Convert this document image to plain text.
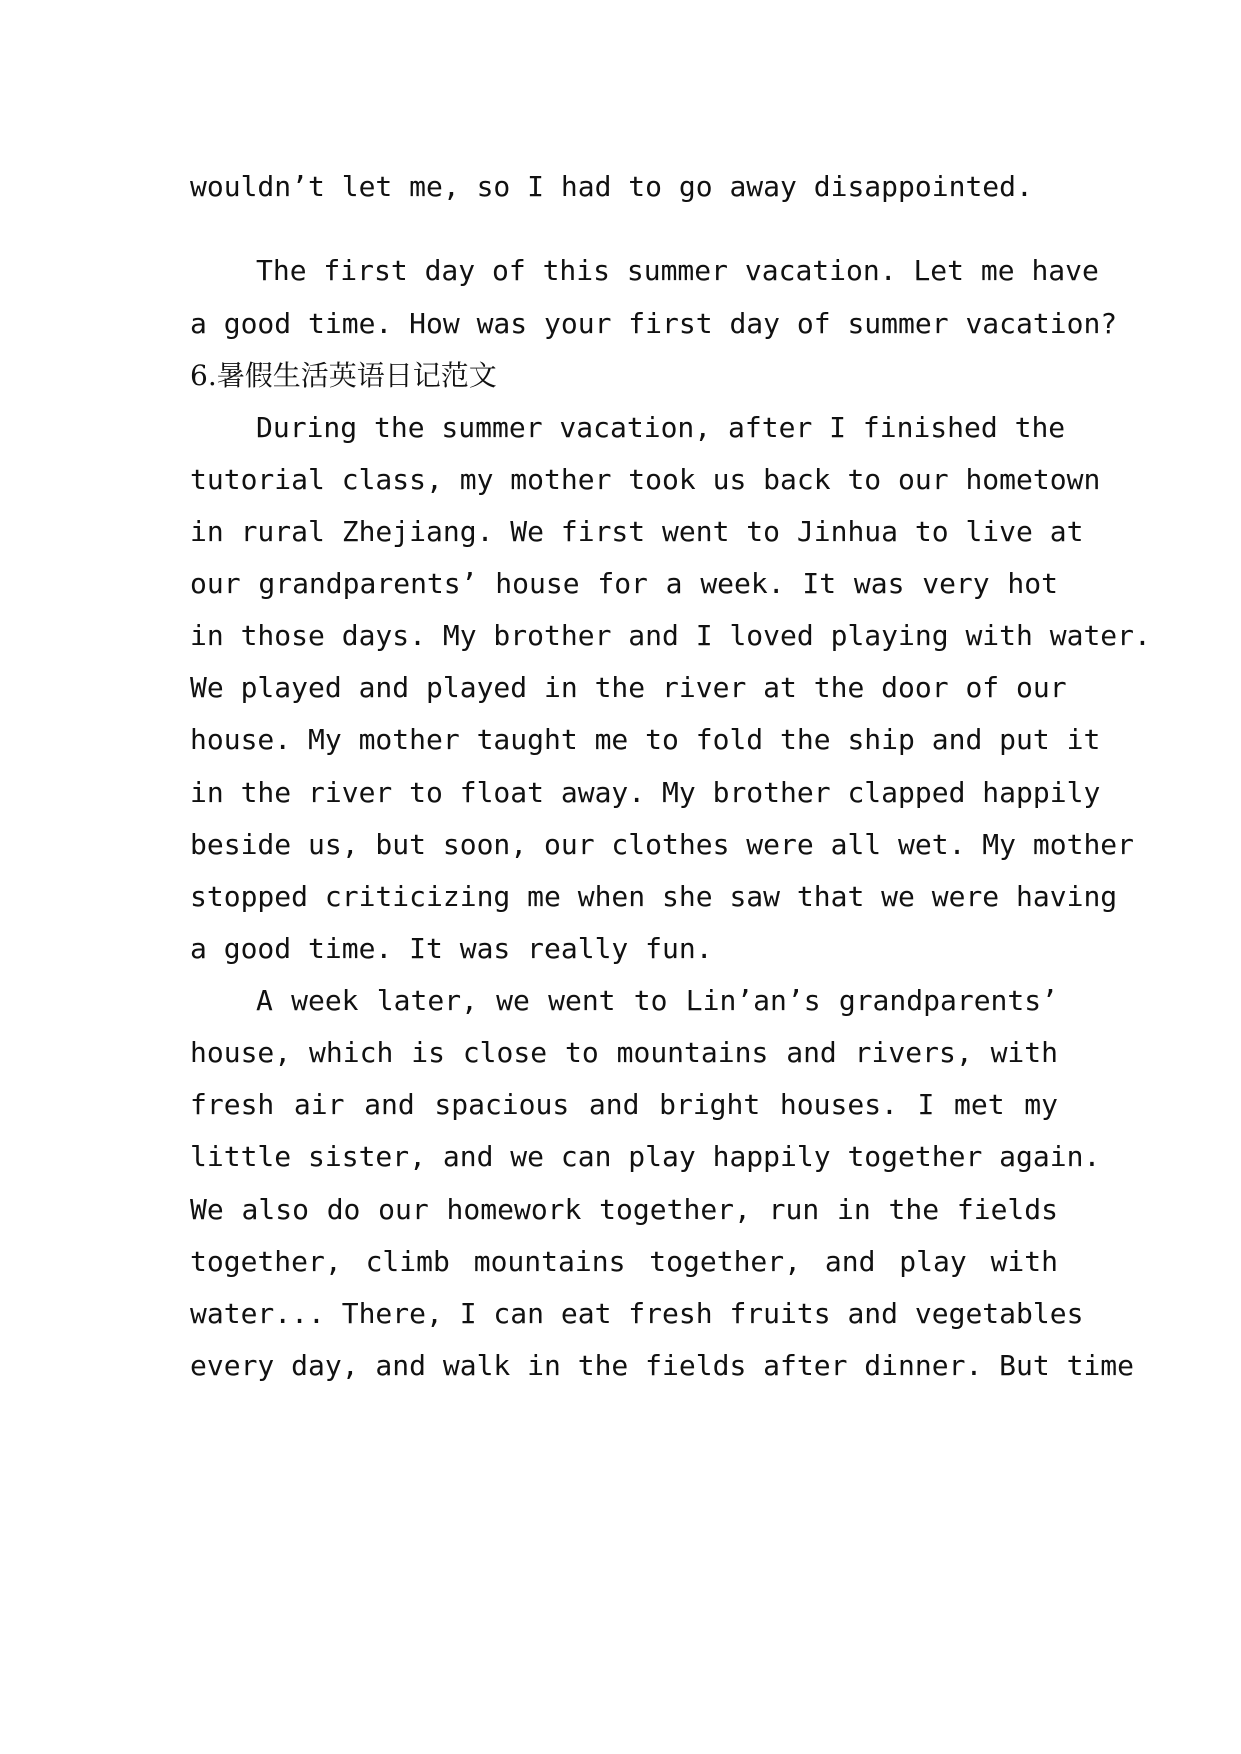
wouldn’t let me, so I had to go away disappointed.
The first day of this summer vacation. Let me have
a good time. How was your first day of summer vacation?
6.暑假生活英语日记范文
During the summer vacation, after I finished the
tutorial class, my mother took us back to our hometown
in rural Zhejiang. We first went to Jinhua to live at
our grandparents’ house for a week. It was very hot
in those days. My brother and I loved playing with water.
We played and played in the river at the door of our
house. My mother taught me to fold the ship and put it
in the river to float away. My brother clapped happily
beside us, but soon, our clothes were all wet. My mother
stopped criticizing me when she saw that we were having
a good time. It was really fun.
A week later, we went to Lin’an’s grandparents’
house, which is close to mountains and rivers, with
fresh air and spacious and bright houses. I met my
little sister, and we can play happily together again.
We also do our homework together, run in the fields
together, climb mountains together, and play with
water... There, I can eat fresh fruits and vegetables
every day, and walk in the fields after dinner. But time
